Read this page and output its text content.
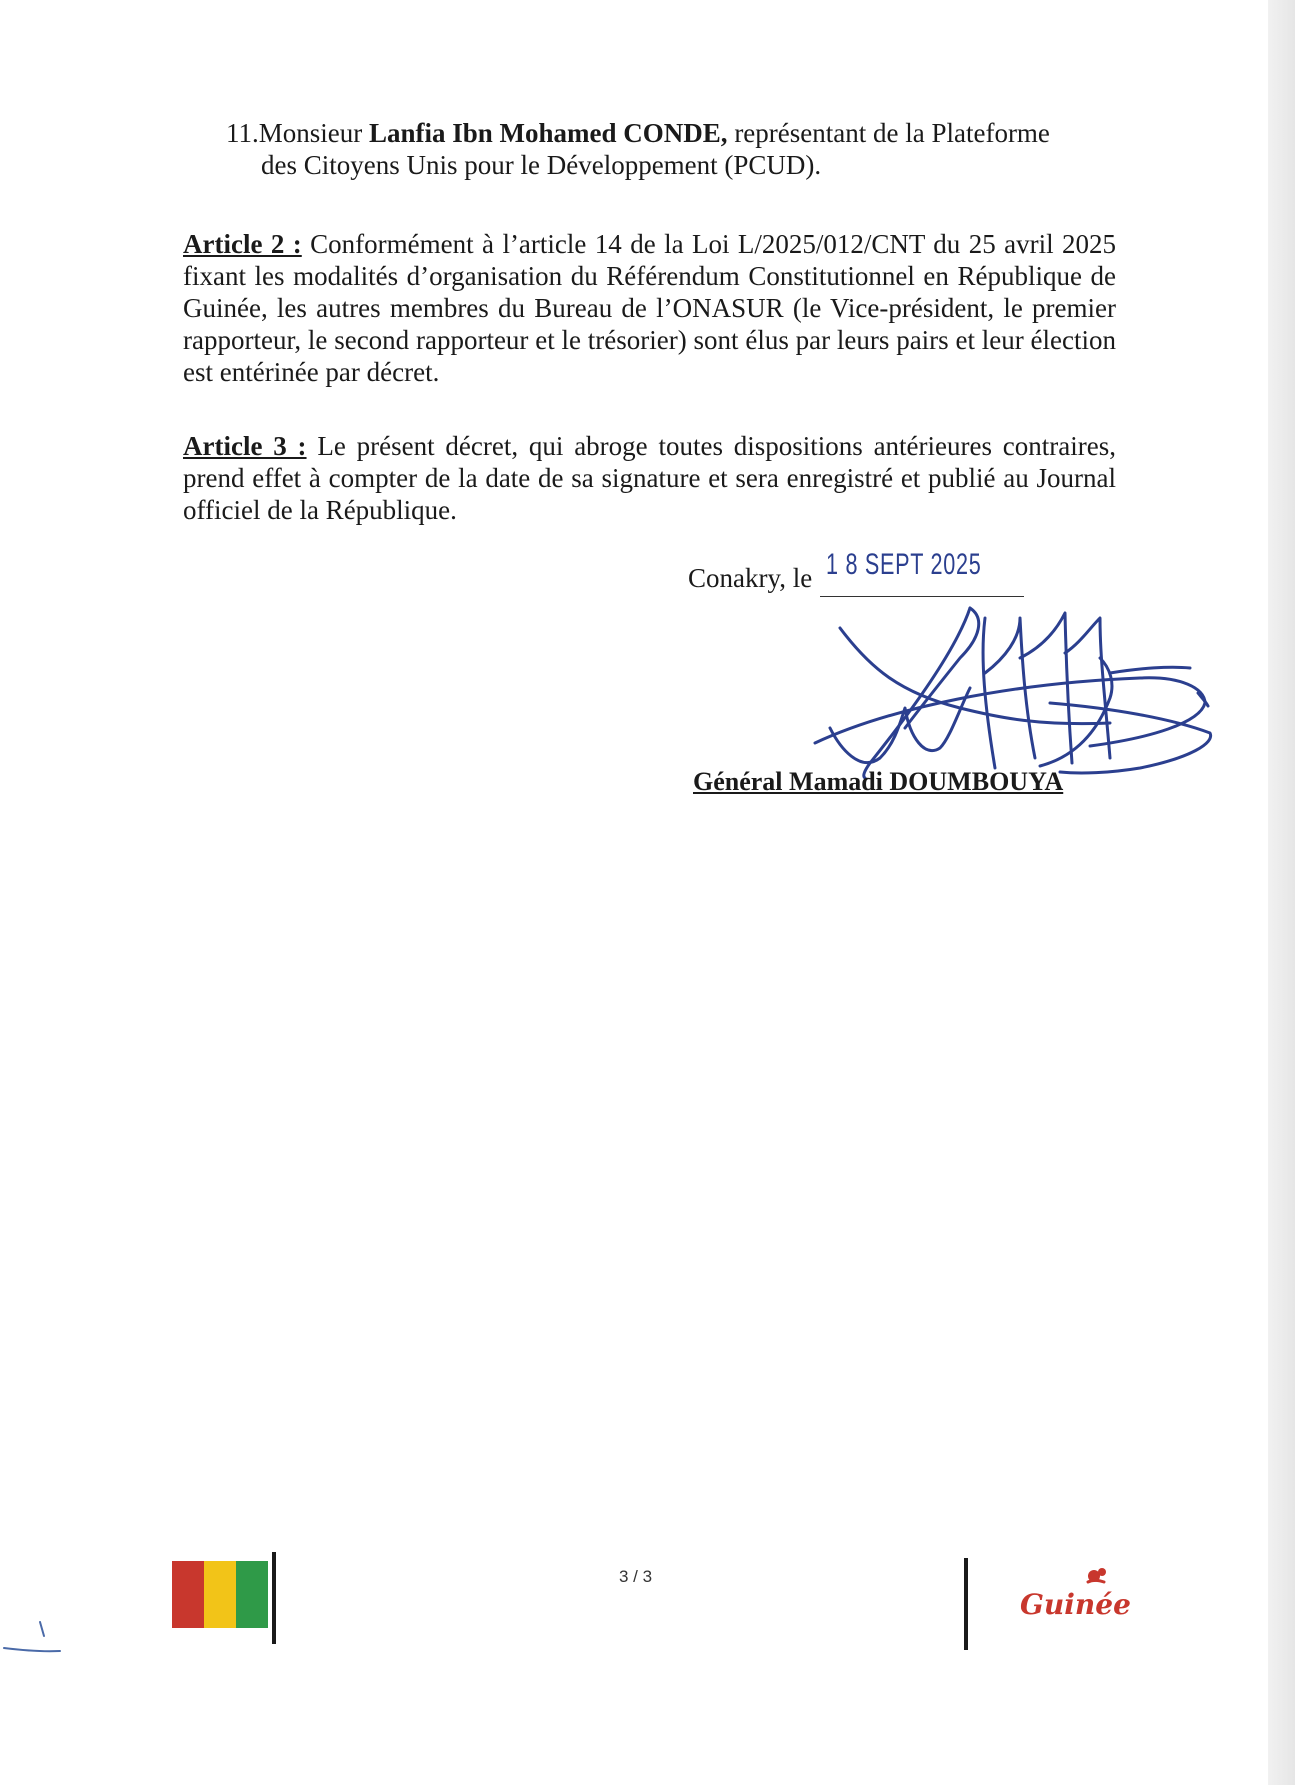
11.Monsieur Lanfia Ibn Mohamed CONDE, représentant de la Plateforme
des Citoyens Unis pour le Développement (PCUD).
Article 2 : Conformément à l’article 14 de la Loi L/2025/012/CNT du 25 avril 2025 fixant les modalités d’organisation du Référendum Constitutionnel en République de Guinée, les autres membres du Bureau de l’ONASUR (le Vice-président, le premier rapporteur, le second rapporteur et le trésorier) sont élus par leurs pairs et leur élection est entérinée par décret.
Article 3 : Le présent décret, qui abroge toutes dispositions antérieures contraires, prend effet à compter de la date de sa signature et sera enregistré et publié au Journal officiel de la République.
Conakry, le 1 8 SEPT 2025
Général Mamadi DOUMBOUYA
3 / 3
Guinée
